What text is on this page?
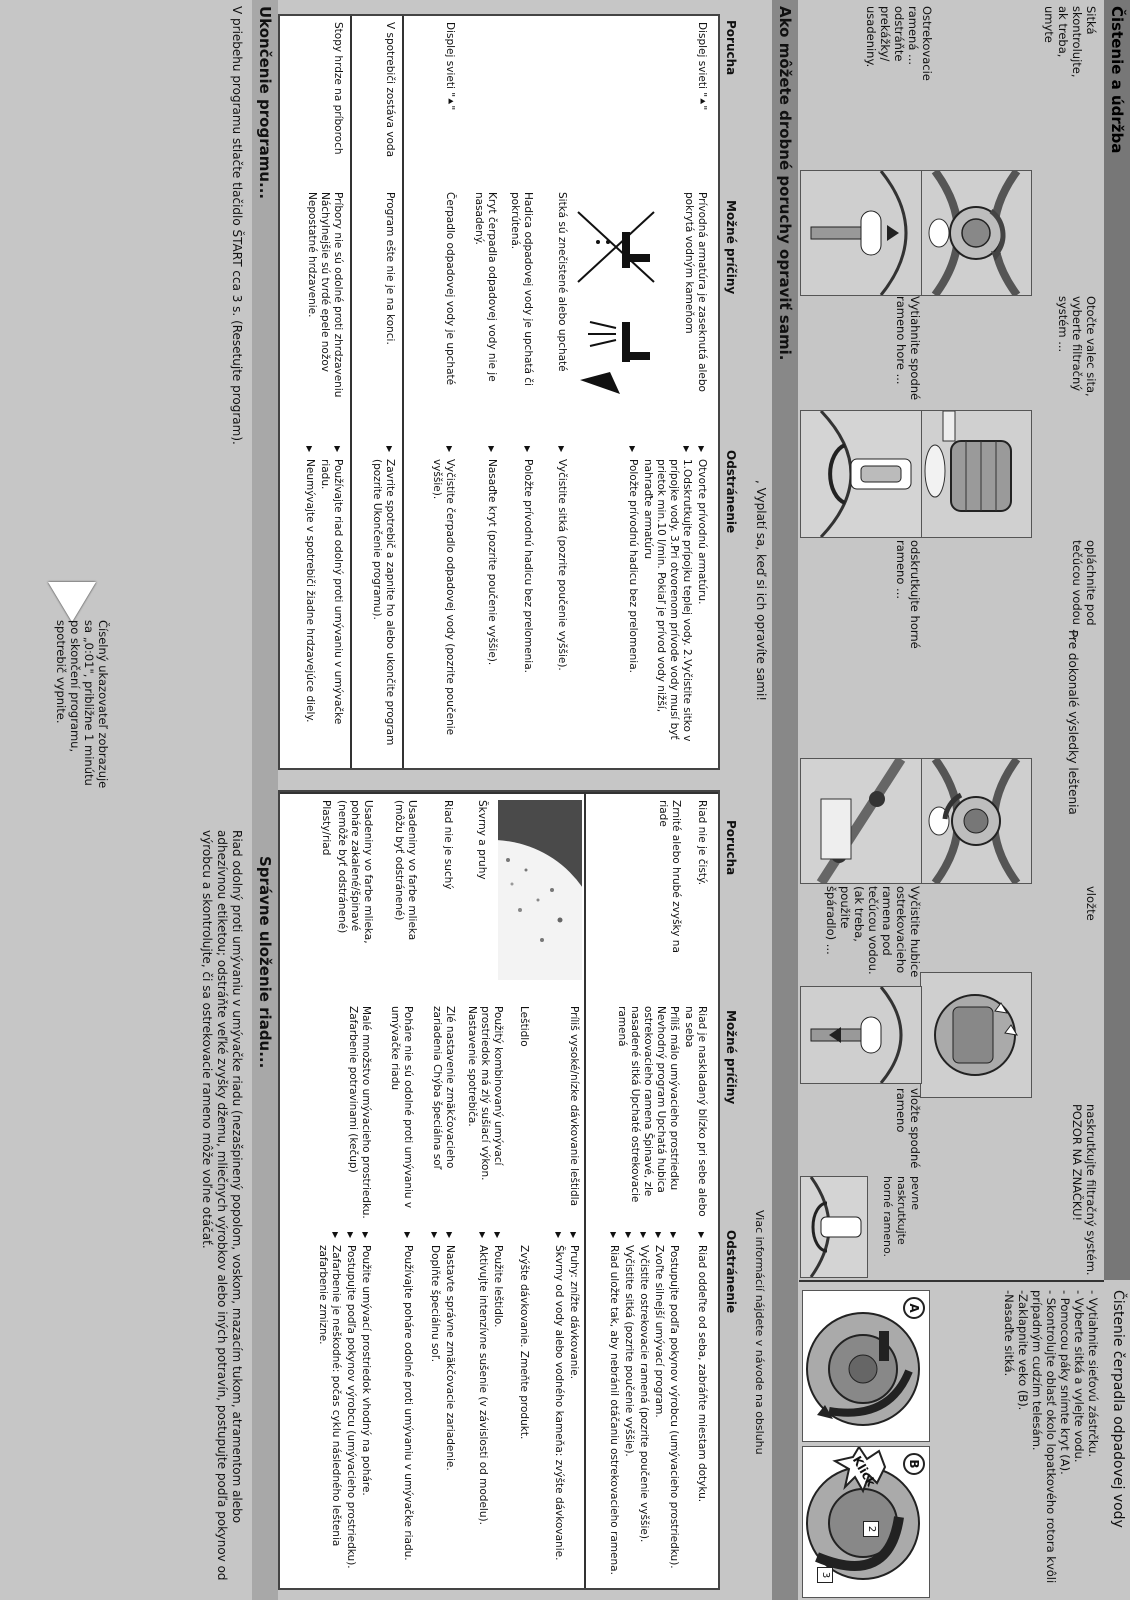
Čistenie a údržba
Pre dokonalé výsledky leštenia
Čistenie čerpadla odpadovej vody
Sitká skontrolujte, ak treba, umyte
Otočte valec sita, vyberte filtračný systém ...
opláchnite pod tečúcou vodou ...
vložte
naskrutkujte filtračný systém. POZOR NA ZNAČKU!
Ostrekovacie ramená ... odstráňte prekážky/ usadeniny.
Vytiahnite spodné rameno hore ...
odskrutkujte horné rameno ...
Vyčistite hubice ostrekovacieho ramena pod tečúcou vodou. (ak treba, použite špáradlo) ...
vložte spodné rameno
pevne naskrutkujte horné rameno.
- Vytiahnite sieťovú zástrčku.
- Vyberte sitká a vylejte vodu.
- Pomocou páky snímte kryt (A).
- Skontrolujte oblasť okolo lopatkového rotora kvôli prípadným cudzím telesám.
-Zaklapnite veko (B).
-Nasaďte sitká.
A
B
Klick
2
3
Ako môžete drobné poruchy opraviť sami.
, Vyplatí sa, keď si ich opravíte sami!
Viac informácií nájdete v návode na obsluhu
Porucha
Možné príčiny
Odstránenie
Porucha
Možné príčiny
Odstránenie
Displej svieti "⯅"
Prívodná armatúra je zaseknutá alebo pokrytá vodným kameňom
▶ Otvorte prívodnú armatúru.
▶ 1.Odskrutkujte prípojku teplej vody. 2.Vyčistite sitko v prípojke vody. 3.Pri otvorenom prívode vody musí byť prietok min.10 l/min. Pokiaľ je prívod vody nižší, nahraďte armatúru
▶ Položte prívodnú hadicu bez prelomenia.
Sitká sú znečistené alebo upchaté
▶ Vyčistite sitká (pozrite poučenie vyššie).
Hadica odpadovej vody je upchatá či pokrútená.
▶ Položte prívodnú hadicu bez prelomenia.
Kryt čerpadla odpadovej vody nie je nasadený.
▶ Nasaďte kryt (pozrite poučenie vyššie).
Displej svieti "⯅"
Čerpadlo odpadovej vody je upchaté
▶ Vyčistite čerpadlo odpadovej vody (pozrite poučenie vyššie).
V spotrebiči zostáva voda
Program ešte nie je na konci.
▶ Zavrite spotrebič a zapnite ho alebo ukončite program (pozrite Ukončenie programu).
Stopy hrdze na príboroch
Príbory nie sú odolné proti zhrdzaveniu Náchylnejšie sú tvrdé epele nožov Nepostatné hrdzavenie.
▶ Používajte riad odolný proti umývaniu v umývačke riadu.
▶ Neumývajte v spotrebiči žiadne hrdzavejúce diely.
Riad nie je čistý.
Riad je naskladaný blízko pri sebe alebo na seba
▶ Riad oddeľte od seba, zabráňte miestam dotyku.
Zrnité alebo hrubé zvyšky na riade
Príliš málo umývacieho prostriedku Nevhodný program Upchatá hubica ostrekovacieho ramena Špinavé, zle nasadené sitká Upchaté ostrekovacie ramená
▶ Postupujte podľa pokynov výrobcu (umývacieho prostriedku).
▶ Zvoľte silnejší umývací program.
▶ Vyčistite ostrekovacie ramená (pozrite poučenie vyššie).
▶ Vyčistite sitká (pozrite poučenie vyššie).
▶ Riad uložte tak, aby nebránil otáčaniu ostrekovacieho ramena.
Škvrny a pruhy
Príliš vysoké/nízke dávkovanie leštidla
▶ Pruhy: znížte dávkovanie.
▶ Škvrny od vody alebo vodného kameňa: zvýšte dávkovanie.
Leštidlo
Zvýšte dávkovanie. Zmeňte produkt.
Riad nie je suchý
Použitý kombinovaný umývací prostriedok má zlý sušiací výkon. Nastavenie spotrebiča.
▶ Použite leštidlo.
▶ Aktivujte intenzívne sušenie (v závislosti od modelu).
Usadeniny vo farbe mlieka (môžu byť odstránené)
Zlé nastavenie zmäkčovacieho zariadenia Chýba špeciálna soľ
▶ Nastavte správne zmäkčovacie zariadenie.
▶ Doplňte špeciálnu soľ.
Usadeniny vo farbe mlieka, poháre zakalené/špinavé (nemôže byť odstránené)
Poháre nie sú odolné proti umývaniu v umývačke riadu
▶ Používajte poháre odolné proti umývaniu v umývačke riadu.
Plasty/riad
Malé množstvo umývacieho prostriedku. Zafarbenie potravinami (kečup)
▶ Použite umývací prostriedok vhodný na poháre.
▶ Postupujte podľa pokynov výrobcu (umývacieho prostriedku).
▶ Zafarbenie je neškodné: počas cyklu následného leštenia zafarbenie zmizne.
Ukončenie programu...
Správne uloženie riadu...
V priebehu programu stlačte tlačidlo ŠTART cca 3 s. (Resetujte program).
Číselný ukazovateľ zobrazuje sa „0:01", približne 1 minútu po skončení programu, spotrebič vypnite.
Riad odolný proti umývaniu v umývačke riadu (nezašpinený popolom, voskom, mazacím tukom, atramentom alebo adhezívnou etiketou; odstráňte veľké zvyšky džemu, mliečnych výrobkov alebo iných potravín, postupujte podľa pokynov od výrobcu a skontrolujte, či sa ostrekovacie rameno môže voľne otáčať.
